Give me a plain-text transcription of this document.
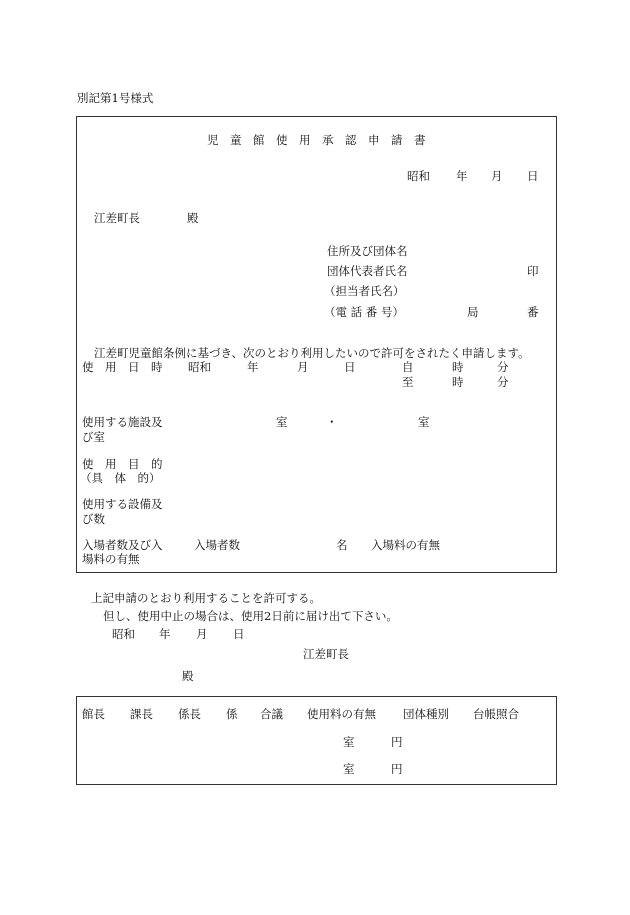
別記第1号様式
児　童　館　使　用　承　認　申　請　書
昭和 年 月 日
江差町長	殿
住所及び団体名
団体代表者氏名	印
（担当者氏名）
（電 話 番 号）	局	番
江差町児童館条例に基づき、次のとおり利用したいので許可をされたく申請します。
使　用　日　時 昭和	年	月	日	自	時	分
至	時	分
使用する施設及
び室
室	・	室
使　用　目　的
（具　体　的）
使用する設備及
び数
入場者数及び入
場料の有無
入場者数	名 入場料の有無
上記申請のとおり利用することを許可する。
但し、使用中止の場合は、使用2日前に届け出て下さい。
昭和 年 月 日
江差町長
殿
館長 課長 係長 係 合議 使用料の有無 団体種別 台帳照合
室	円
室	円
